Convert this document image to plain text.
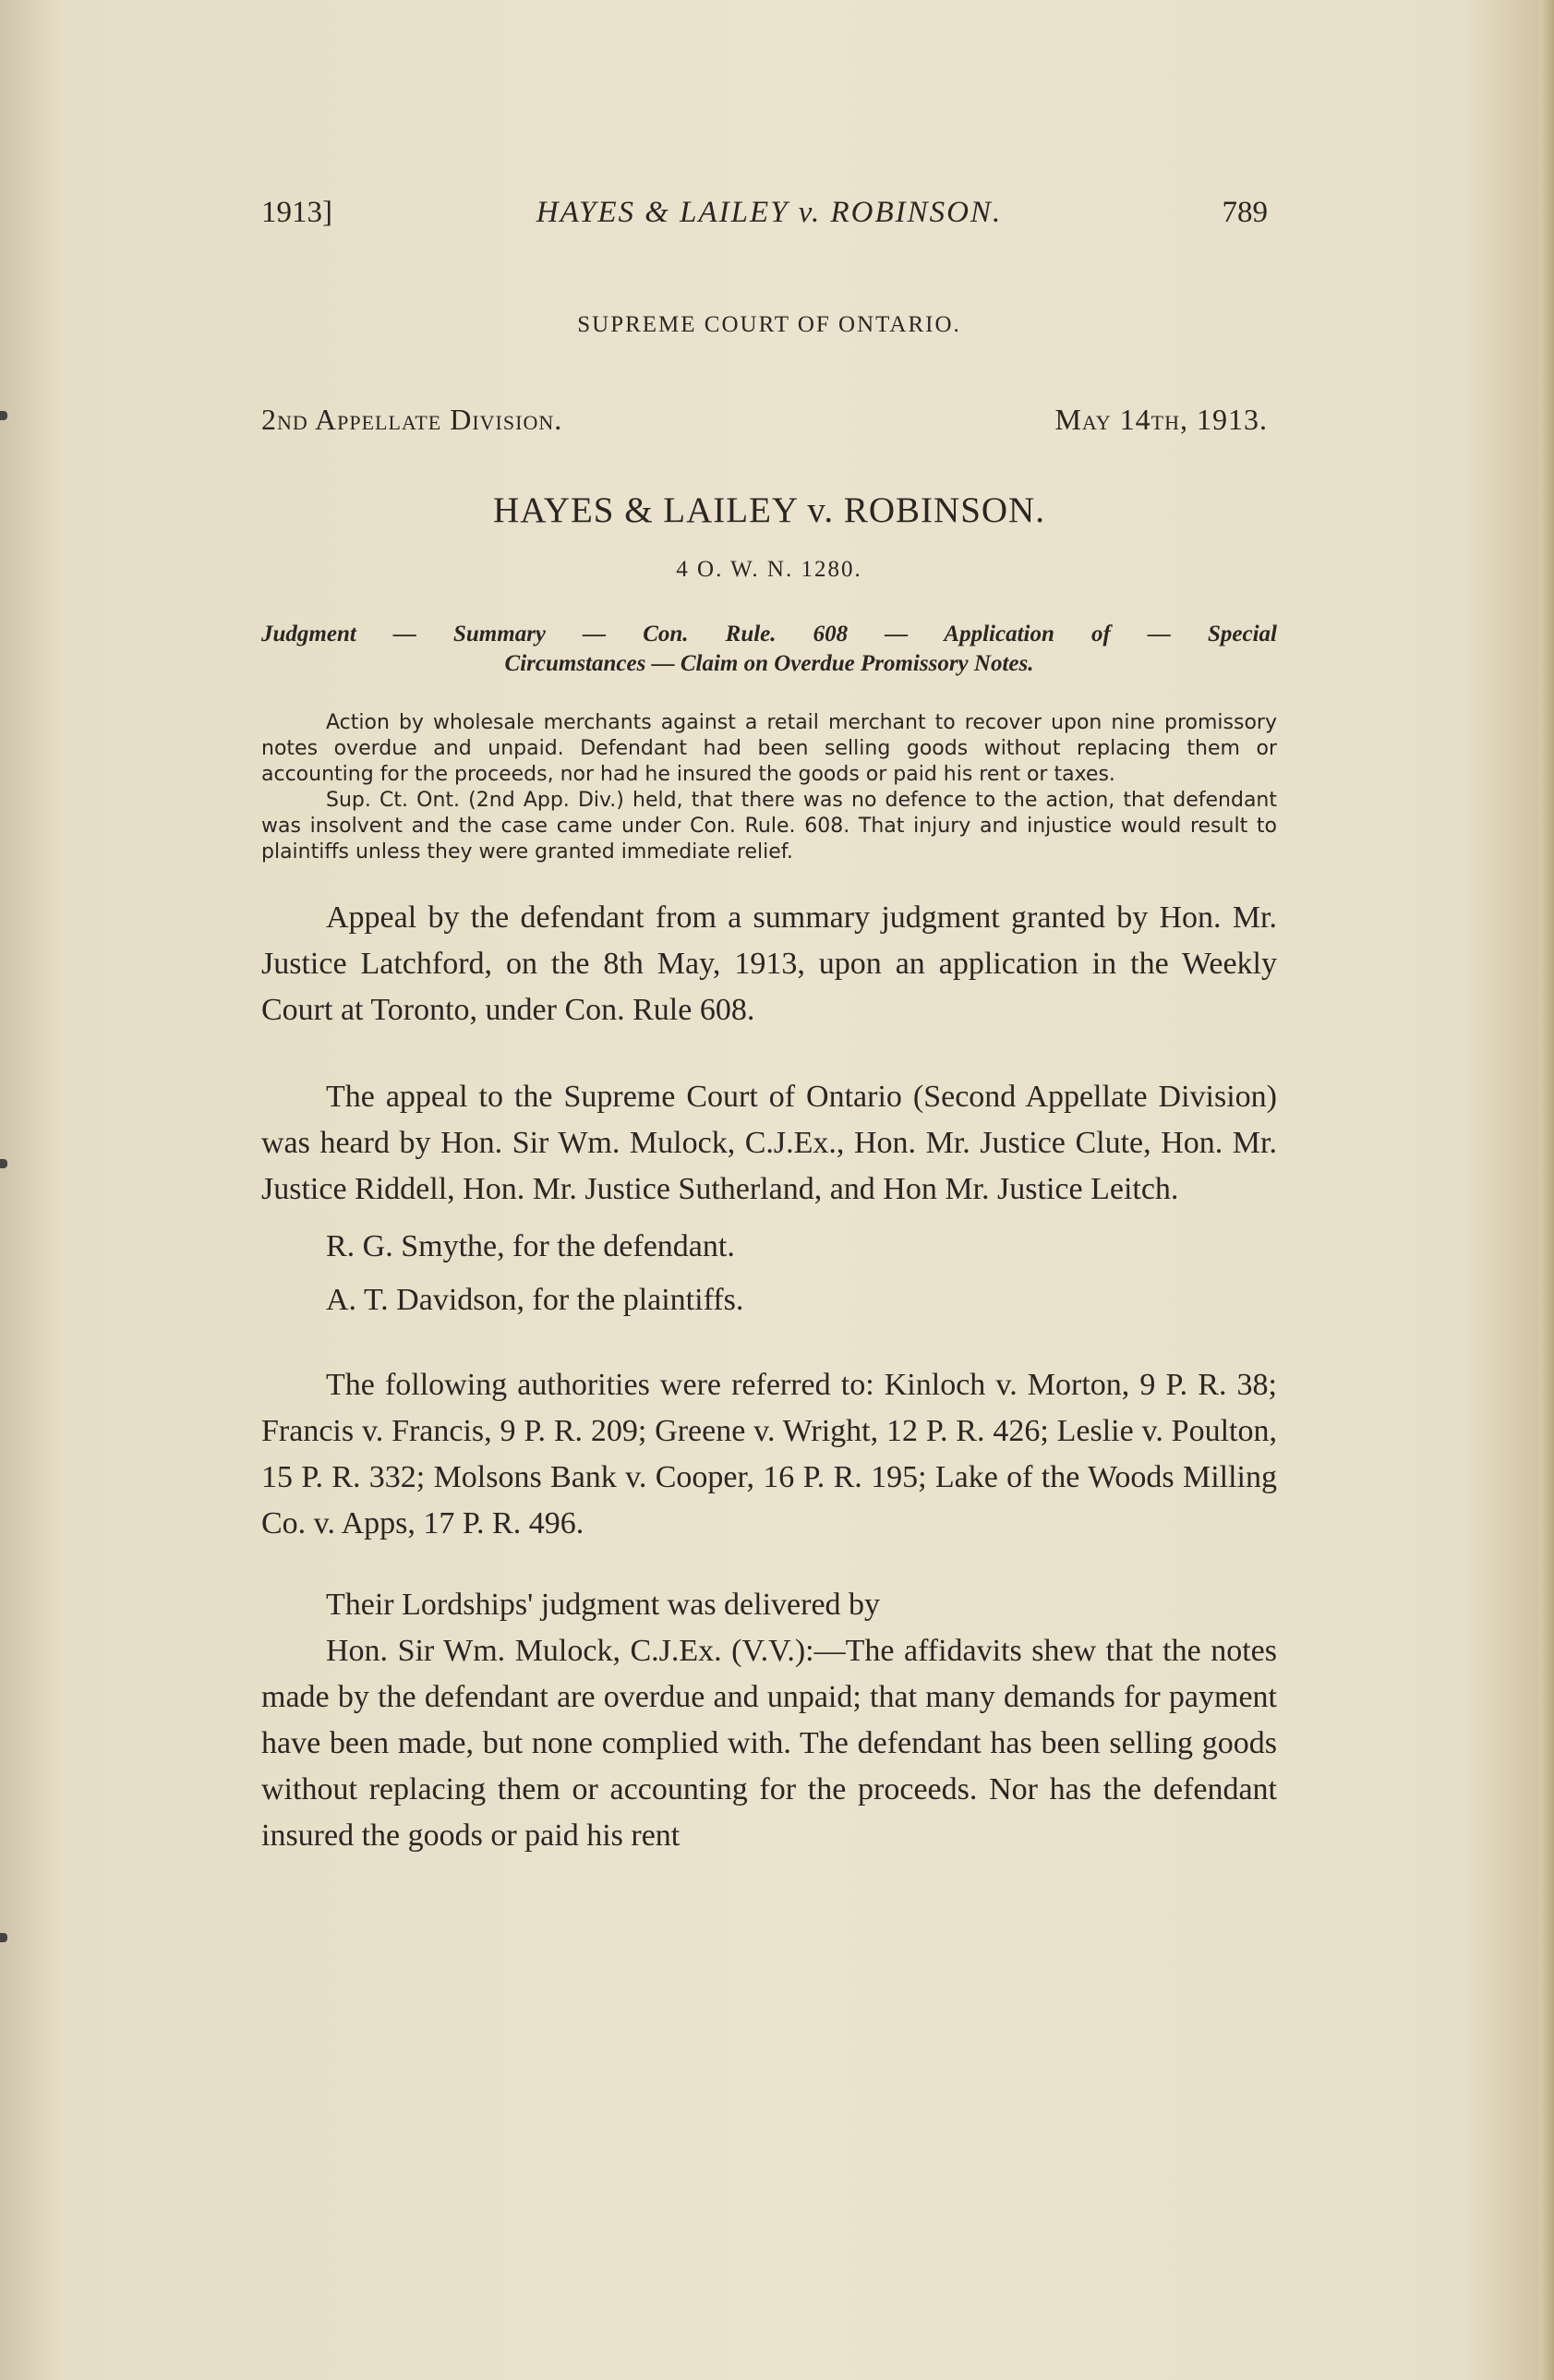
1913]	HAYES & LAILEY v. ROBINSON.	789
SUPREME COURT OF ONTARIO.
2nd Appellate Division.	May 14th, 1913.
HAYES & LAILEY v. ROBINSON.
4 O. W. N. 1280.
Judgment — Summary — Con. Rule. 608 — Application of — Special
Circumstances — Claim on Overdue Promissory Notes.

Action by wholesale merchants against a retail merchant to recover upon nine promissory notes overdue and unpaid. Defendant had been selling goods without replacing them or accounting for the proceeds, nor had he insured the goods or paid his rent or taxes.

Sup. Ct. Ont. (2nd App. Div.) held, that there was no defence to the action, that defendant was insolvent and the case came under Con. Rule. 608. That injury and injustice would result to plaintiffs unless they were granted immediate relief.

Appeal by the defendant from a summary judgment granted by Hon. Mr. Justice Latchford, on the 8th May, 1913, upon an application in the Weekly Court at Toronto, under Con. Rule 608.

The appeal to the Supreme Court of Ontario (Second Appellate Division) was heard by Hon. Sir Wm. Mulock, C.J.Ex., Hon. Mr. Justice Clute, Hon. Mr. Justice Riddell, Hon. Mr. Justice Sutherland, and Hon Mr. Justice Leitch.

R. G. Smythe, for the defendant.

A. T. Davidson, for the plaintiffs.

The following authorities were referred to: Kinloch v. Morton, 9 P. R. 38; Francis v. Francis, 9 P. R. 209; Greene v. Wright, 12 P. R. 426; Leslie v. Poulton, 15 P. R. 332; Molsons Bank v. Cooper, 16 P. R. 195; Lake of the Woods Milling Co. v. Apps, 17 P. R. 496.

Their Lordships' judgment was delivered by

Hon. Sir Wm. Mulock, C.J.Ex. (V.V.):—The affidavits shew that the notes made by the defendant are overdue and unpaid; that many demands for payment have been made, but none complied with. The defendant has been selling goods without replacing them or accounting for the proceeds. Nor has the defendant insured the goods or paid his rent
